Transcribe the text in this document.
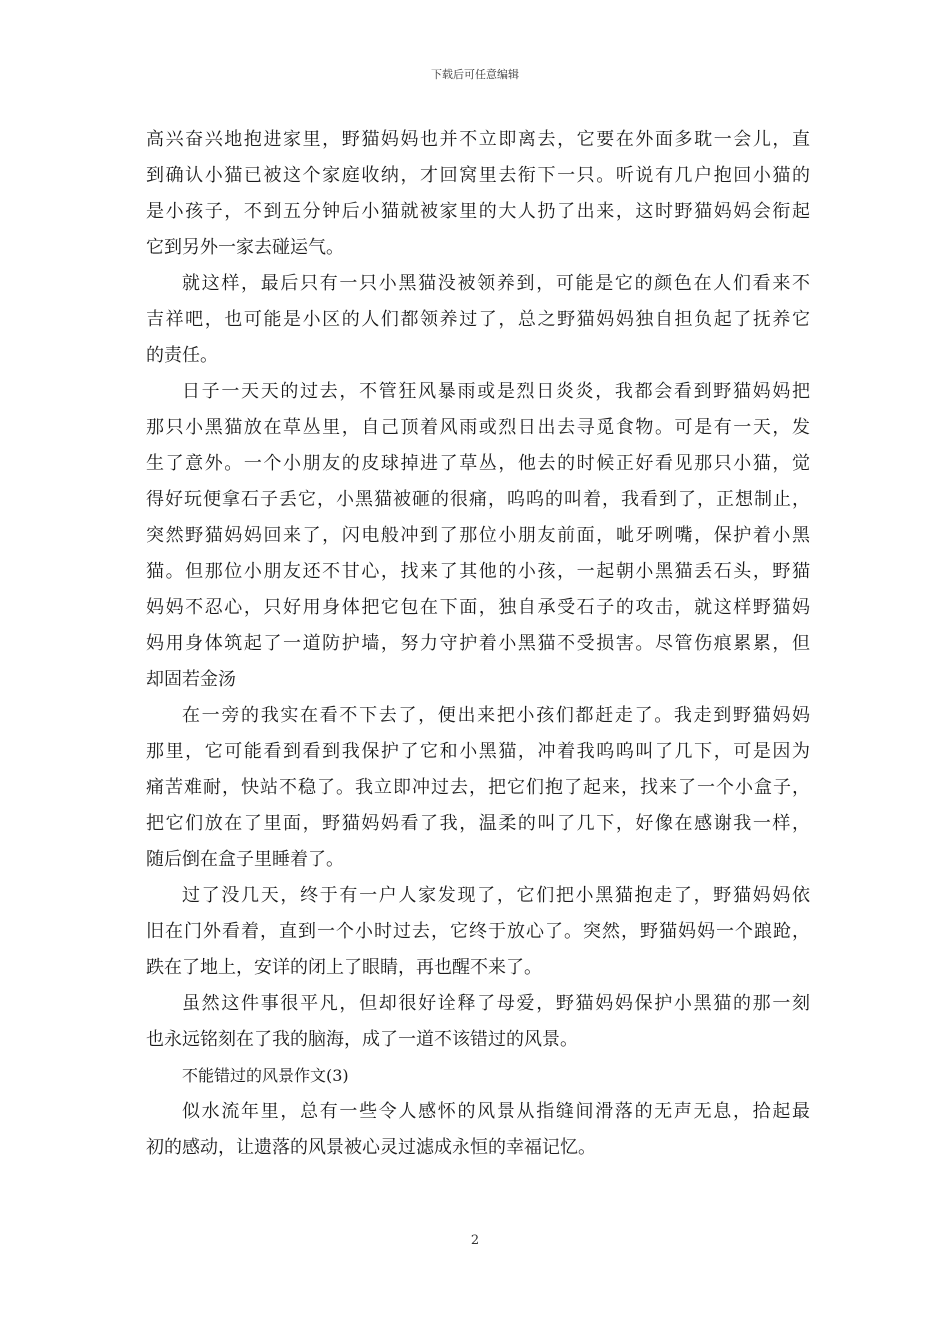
下载后可任意编辑
高兴奋兴地抱进家里，野猫妈妈也并不立即离去，它要在外面多耽一会儿，直
到确认小猫已被这个家庭收纳，才回窝里去衔下一只。听说有几户抱回小猫的
是小孩子，不到五分钟后小猫就被家里的大人扔了出来，这时野猫妈妈会衔起
它到另外一家去碰运气。
就这样，最后只有一只小黑猫没被领养到，可能是它的颜色在人们看来不
吉祥吧，也可能是小区的人们都领养过了，总之野猫妈妈独自担负起了抚养它
的责任。
日子一天天的过去，不管狂风暴雨或是烈日炎炎，我都会看到野猫妈妈把
那只小黑猫放在草丛里，自己顶着风雨或烈日出去寻觅食物。可是有一天，发
生了意外。一个小朋友的皮球掉进了草丛，他去的时候正好看见那只小猫，觉
得好玩便拿石子丢它，小黑猫被砸的很痛，呜呜的叫着，我看到了，正想制止，
突然野猫妈妈回来了，闪电般冲到了那位小朋友前面，呲牙咧嘴，保护着小黑
猫。但那位小朋友还不甘心，找来了其他的小孩，一起朝小黑猫丢石头，野猫
妈妈不忍心，只好用身体把它包在下面，独自承受石子的攻击，就这样野猫妈
妈用身体筑起了一道防护墙，努力守护着小黑猫不受损害。尽管伤痕累累，但
却固若金汤
在一旁的我实在看不下去了，便出来把小孩们都赶走了。我走到野猫妈妈
那里，它可能看到看到我保护了它和小黑猫，冲着我呜呜叫了几下，可是因为
痛苦难耐，快站不稳了。我立即冲过去，把它们抱了起来，找来了一个小盒子，
把它们放在了里面，野猫妈妈看了我，温柔的叫了几下，好像在感谢我一样，
随后倒在盒子里睡着了。
过了没几天，终于有一户人家发现了，它们把小黑猫抱走了，野猫妈妈依
旧在门外看着，直到一个小时过去，它终于放心了。突然，野猫妈妈一个踉跄，
跌在了地上，安详的闭上了眼睛，再也醒不来了。
虽然这件事很平凡，但却很好诠释了母爱，野猫妈妈保护小黑猫的那一刻
也永远铭刻在了我的脑海，成了一道不该错过的风景。
不能错过的风景作文(3)
似水流年里，总有一些令人感怀的风景从指缝间滑落的无声无息，拾起最
初的感动，让遗落的风景被心灵过滤成永恒的幸福记忆。
2
